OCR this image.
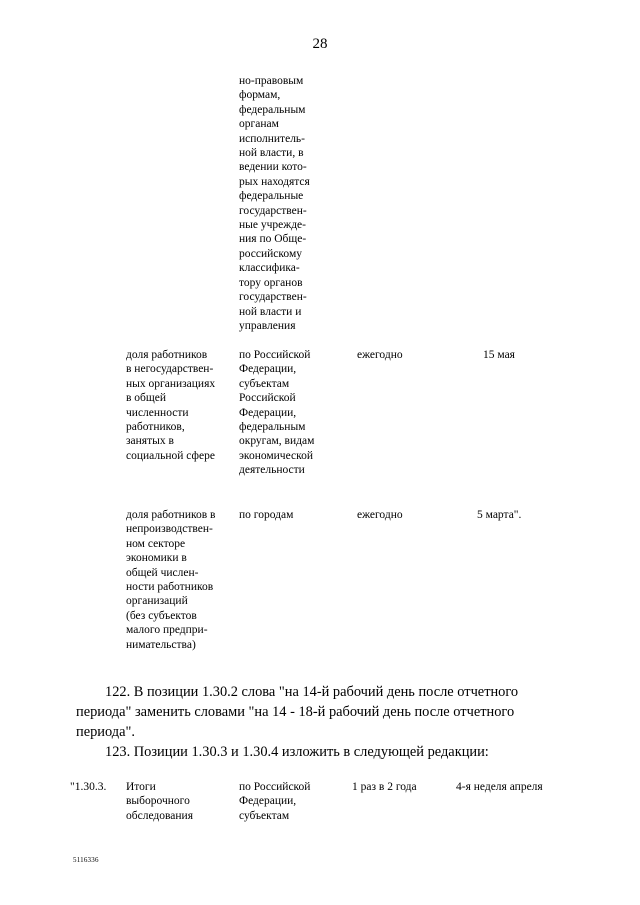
28
но-правовым
формам,
федеральным
органам
исполнитель-
ной власти, в
ведении кото-
рых находятся
федеральные
государствен-
ные учрежде-
ния по Обще-
российскому
классифика-
тору органов
государствен-
ной власти и
управления
доля работников
в негосударствен-
ных организациях
в общей
численности
работников,
занятых в
социальной сфере
по Российской
Федерации,
субъектам
Российской
Федерации,
федеральным
округам, видам
экономической
деятельности
ежегодно	15 мая
доля работников в
непроизводствен-
ном секторе
экономики в
общей числен-
ности работников
организаций
(без субъектов
малого предпри-
нимательства)
по городам	ежегодно	5 марта".
122. В позиции 1.30.2 слова "на 14-й рабочий день после отчетного
периода" заменить словами "на 14 - 18-й рабочий день после отчетного
периода".
123. Позиции 1.30.3 и 1.30.4 изложить в следующей редакции:
"1.30.3.	Итоги
выборочного
обследования
по Российской
Федерации,
субъектам
1 раз в 2 года	4-я неделя апреля
5116336
